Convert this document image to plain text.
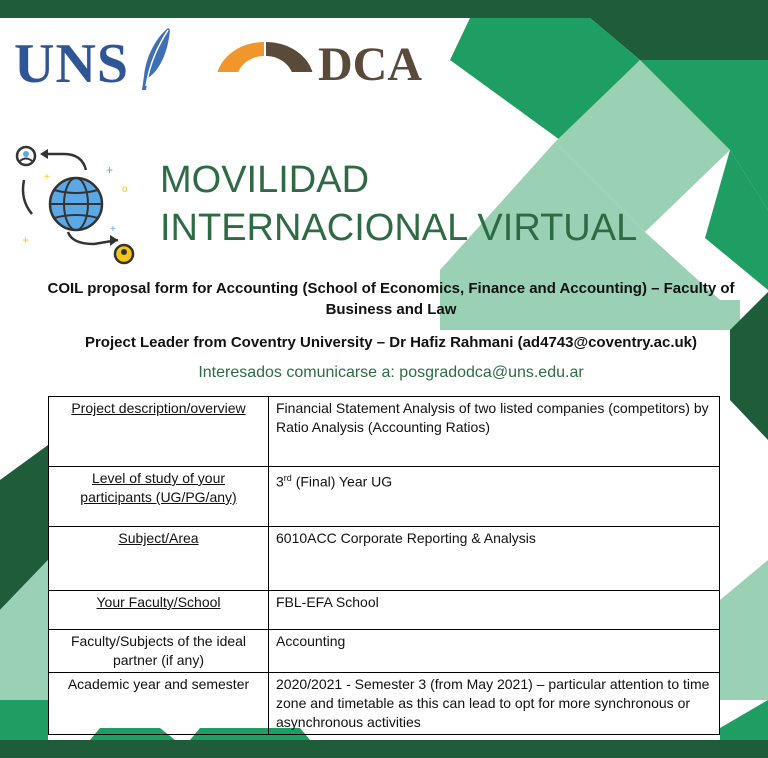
UNS	DCA
+
+
o
+
+
MOVILIDAD
INTERNACIONAL VIRTUAL
COIL proposal form for Accounting (School of Economics, Finance and Accounting) – Faculty of Business and Law
Project Leader from Coventry University – Dr Hafiz Rahmani (ad4743@coventry.ac.uk)
Interesados comunicarse a: posgradodca@uns.edu.ar
Project description/overview	Financial Statement Analysis of two listed companies (competitors) by Ratio Analysis (Accounting Ratios)
Level of study of your participants (UG/PG/any)	3rd (Final) Year UG
Subject/Area	6010ACC Corporate Reporting & Analysis
Your Faculty/School	FBL-EFA School
Faculty/Subjects of the ideal partner (if any)	Accounting
Academic year and semester	2020/2021 - Semester 3 (from May 2021) – particular attention to time zone and timetable as this can lead to opt for more synchronous or asynchronous activities
